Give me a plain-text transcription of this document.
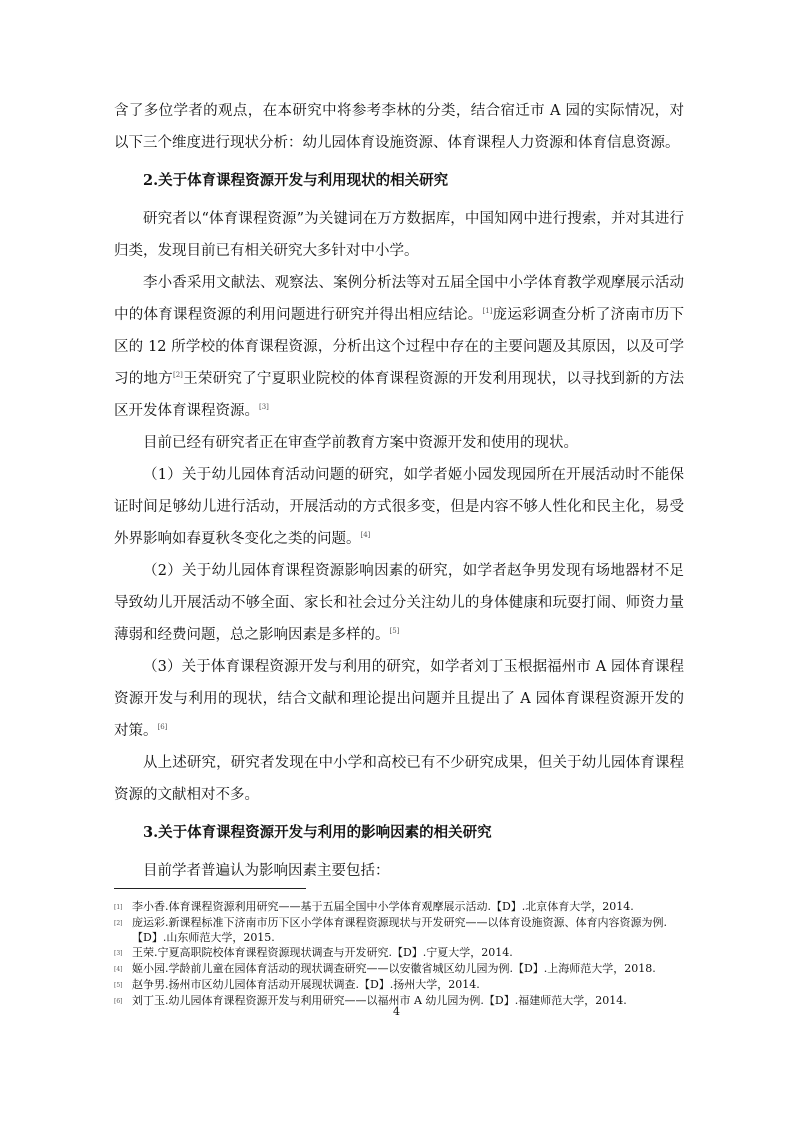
含了多位学者的观点，在本研究中将参考李林的分类，结合宿迁市 A 园的实际情况，对以下三个维度进行现状分析：幼儿园体育设施资源、体育课程人力资源和体育信息资源。

2.关于体育课程资源开发与利用现状的相关研究

研究者以“体育课程资源”为关键词在万方数据库，中国知网中进行搜索，并对其进行归类，发现目前已有相关研究大多针对中小学。

李小香采用文献法、观察法、案例分析法等对五届全国中小学体育教学观摩展示活动中的体育课程资源的利用问题进行研究并得出相应结论。[1]庞运彩调查分析了济南市历下区的 12 所学校的体育课程资源，分析出这个过程中存在的主要问题及其原因，以及可学习的地方[2]王荣研究了宁夏职业院校的体育课程资源的开发利用现状，以寻找到新的方法区开发体育课程资源。[3]

目前已经有研究者正在审查学前教育方案中资源开发和使用的现状。

（1）关于幼儿园体育活动问题的研究，如学者姬小园发现园所在开展活动时不能保证时间足够幼儿进行活动，开展活动的方式很多变，但是内容不够人性化和民主化，易受外界影响如春夏秋冬变化之类的问题。[4]

（2）关于幼儿园体育课程资源影响因素的研究，如学者赵争男发现有场地器材不足导致幼儿开展活动不够全面、家长和社会过分关注幼儿的身体健康和玩耍打闹、师资力量薄弱和经费问题，总之影响因素是多样的。[5]

（3）关于体育课程资源开发与利用的研究，如学者刘丁玉根据福州市 A 园体育课程资源开发与利用的现状，结合文献和理论提出问题并且提出了 A 园体育课程资源开发的对策。[6]

从上述研究，研究者发现在中小学和高校已有不少研究成果，但关于幼儿园体育课程资源的文献相对不多。

3.关于体育课程资源开发与利用的影响因素的相关研究

目前学者普遍认为影响因素主要包括：

[1] 李小香.体育课程资源利用研究——基于五届全国中小学体育观摩展示活动.【D】.北京体育大学，2014.
[2] 庞运彩.新课程标准下济南市历下区小学体育课程资源现状与开发研究——以体育设施资源、体育内容资源为例.【D】.山东师范大学，2015.
[3] 王荣.宁夏高职院校体育课程资源现状调查与开发研究.【D】.宁夏大学，2014.
[4] 姬小园.学龄前儿童在园体育活动的现状调查研究——以安徽省城区幼儿园为例.【D】.上海师范大学，2018.
[5] 赵争男.扬州市区幼儿园体育活动开展现状调查.【D】.扬州大学，2014.
[6] 刘丁玉.幼儿园体育课程资源开发与利用研究——以福州市 A 幼儿园为例.【D】.福建师范大学，2014.
4
